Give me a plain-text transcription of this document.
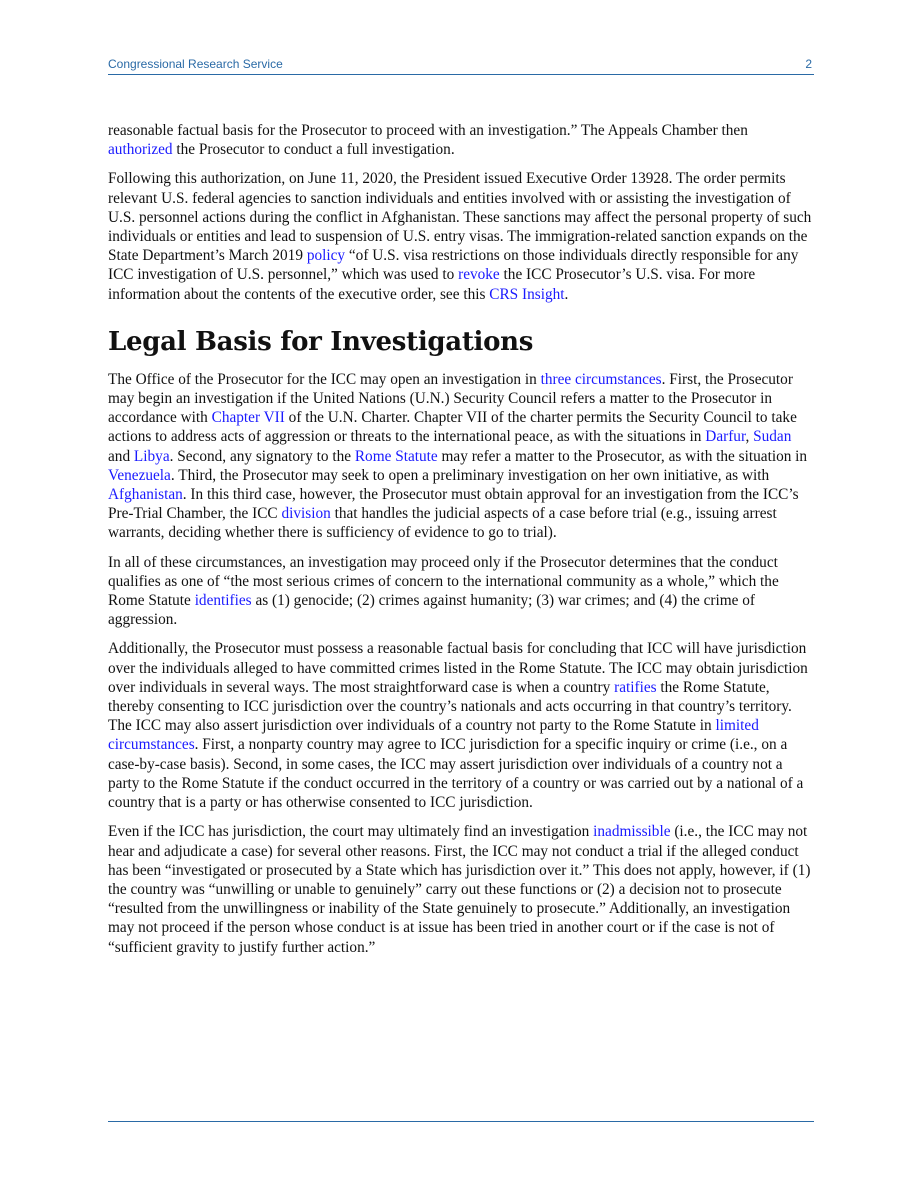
Congressional Research Service	2

reasonable factual basis for the Prosecutor to proceed with an investigation.” The Appeals Chamber then authorized the Prosecutor to conduct a full investigation.

Following this authorization, on June 11, 2020, the President issued Executive Order 13928. The order permits relevant U.S. federal agencies to sanction individuals and entities involved with or assisting the investigation of U.S. personnel actions during the conflict in Afghanistan. These sanctions may affect the personal property of such individuals or entities and lead to suspension of U.S. entry visas. The immigration-related sanction expands on the State Department’s March 2019 policy “of U.S. visa restrictions on those individuals directly responsible for any ICC investigation of U.S. personnel,” which was used to revoke the ICC Prosecutor’s U.S. visa. For more information about the contents of the executive order, see this CRS Insight.

Legal Basis for Investigations

The Office of the Prosecutor for the ICC may open an investigation in three circumstances. First, the Prosecutor may begin an investigation if the United Nations (U.N.) Security Council refers a matter to the Prosecutor in accordance with Chapter VII of the U.N. Charter. Chapter VII of the charter permits the Security Council to take actions to address acts of aggression or threats to the international peace, as with the situations in Darfur, Sudan and Libya. Second, any signatory to the Rome Statute may refer a matter to the Prosecutor, as with the situation in Venezuela. Third, the Prosecutor may seek to open a preliminary investigation on her own initiative, as with Afghanistan. In this third case, however, the Prosecutor must obtain approval for an investigation from the ICC’s Pre-Trial Chamber, the ICC division that handles the judicial aspects of a case before trial (e.g., issuing arrest warrants, deciding whether there is sufficiency of evidence to go to trial).

In all of these circumstances, an investigation may proceed only if the Prosecutor determines that the conduct qualifies as one of “the most serious crimes of concern to the international community as a whole,” which the Rome Statute identifies as (1) genocide; (2) crimes against humanity; (3) war crimes; and (4) the crime of aggression.

Additionally, the Prosecutor must possess a reasonable factual basis for concluding that ICC will have jurisdiction over the individuals alleged to have committed crimes listed in the Rome Statute. The ICC may obtain jurisdiction over individuals in several ways. The most straightforward case is when a country ratifies the Rome Statute, thereby consenting to ICC jurisdiction over the country’s nationals and acts occurring in that country’s territory. The ICC may also assert jurisdiction over individuals of a country not party to the Rome Statute in limited circumstances. First, a nonparty country may agree to ICC jurisdiction for a specific inquiry or crime (i.e., on a case-by-case basis). Second, in some cases, the ICC may assert jurisdiction over individuals of a country not a party to the Rome Statute if the conduct occurred in the territory of a country or was carried out by a national of a country that is a party or has otherwise consented to ICC jurisdiction.

Even if the ICC has jurisdiction, the court may ultimately find an investigation inadmissible (i.e., the ICC may not hear and adjudicate a case) for several other reasons. First, the ICC may not conduct a trial if the alleged conduct has been “investigated or prosecuted by a State which has jurisdiction over it.” This does not apply, however, if (1) the country was “unwilling or unable to genuinely” carry out these functions or (2) a decision not to prosecute “resulted from the unwillingness or inability of the State genuinely to prosecute.” Additionally, an investigation may not proceed if the person whose conduct is at issue has been tried in another court or if the case is not of “sufficient gravity to justify further action.”
